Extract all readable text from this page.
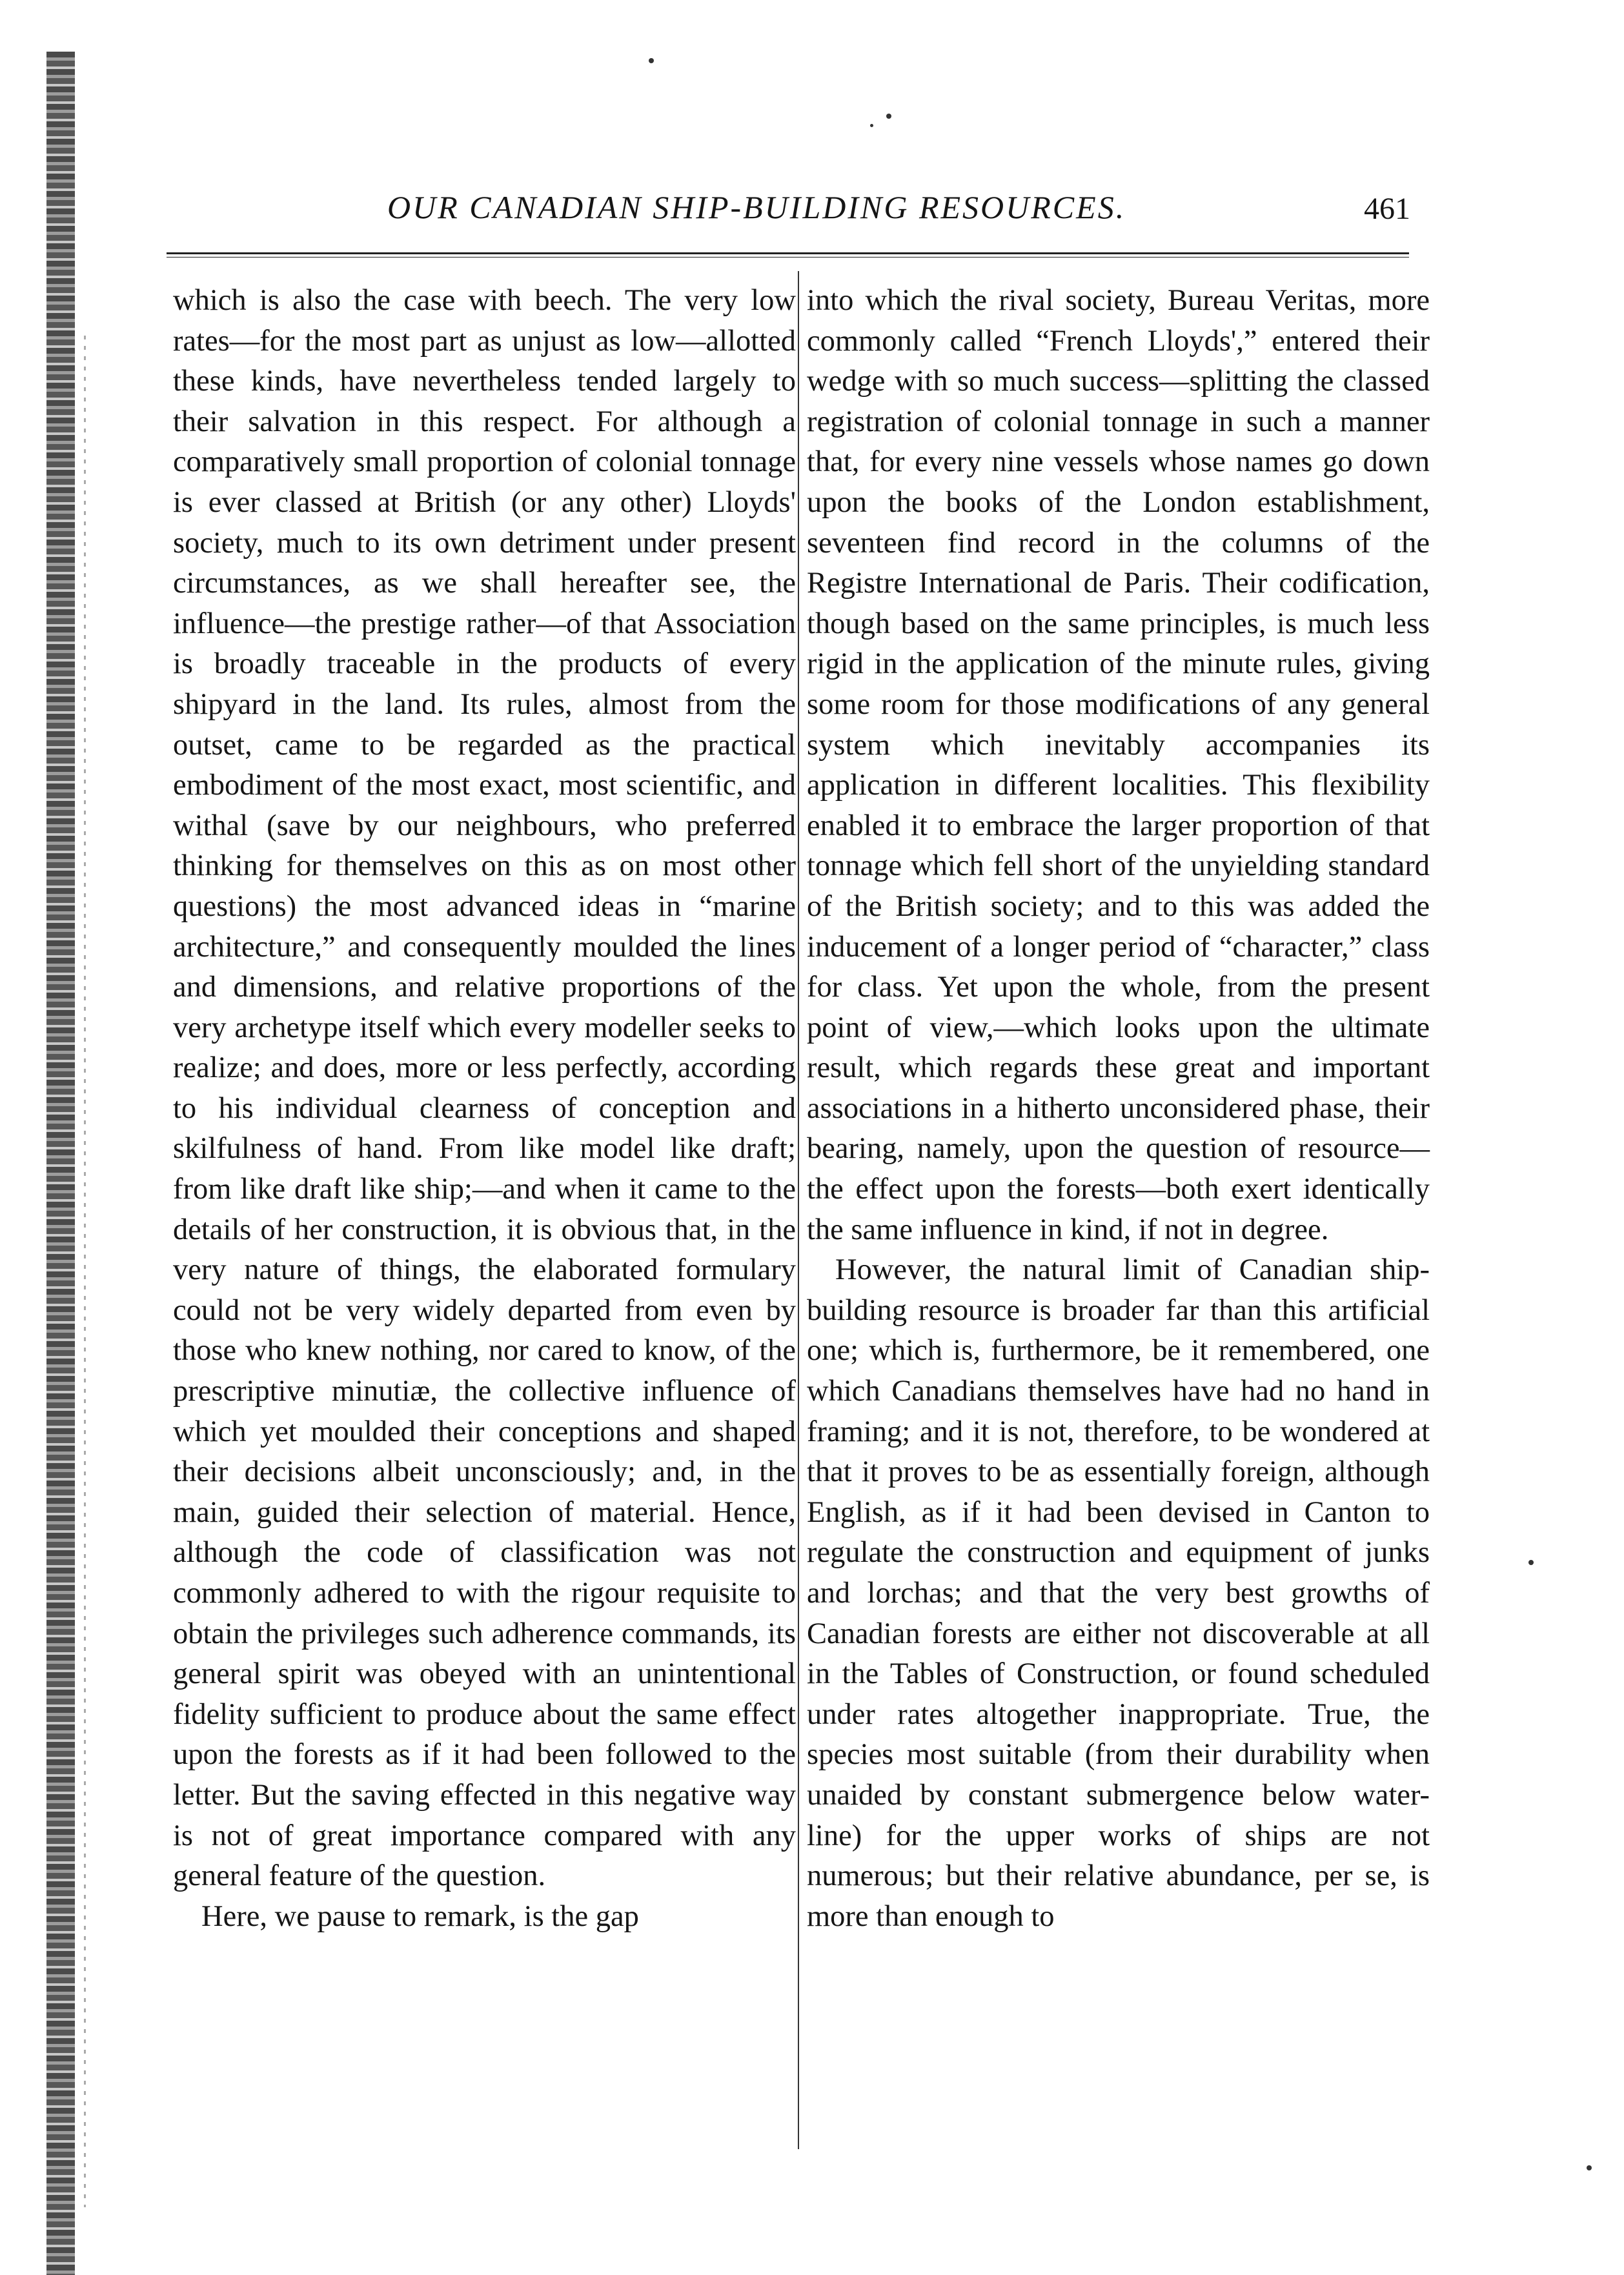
OUR CANADIAN SHIP-BUILDING RESOURCES.	461

which is also the case with beech. The very low rates—for the most part as unjust as low—allotted these kinds, have nevertheless tended largely to their salvation in this respect. For although a comparatively small proportion of colonial tonnage is ever classed at British (or any other) Lloyds' society, much to its own detriment under present circumstances, as we shall hereafter see, the influence—the prestige rather—of that Association is broadly traceable in the products of every shipyard in the land. Its rules, almost from the outset, came to be regarded as the practical embodiment of the most exact, most scientific, and withal (save by our neighbours, who preferred thinking for themselves on this as on most other questions) the most advanced ideas in “marine architecture,” and consequently moulded the lines and dimensions, and relative proportions of the very archetype itself which every modeller seeks to realize; and does, more or less perfectly, according to his individual clearness of conception and skilfulness of hand. From like model like draft; from like draft like ship;—and when it came to the details of her construction, it is obvious that, in the very nature of things, the elaborated formulary could not be very widely departed from even by those who knew nothing, nor cared to know, of the prescriptive minutiæ, the collective influence of which yet moulded their conceptions and shaped their decisions albeit unconsciously; and, in the main, guided their selection of material. Hence, although the code of classification was not commonly adhered to with the rigour requisite to obtain the privileges such adherence commands, its general spirit was obeyed with an unintentional fidelity sufficient to produce about the same effect upon the forests as if it had been followed to the letter. But the saving effected in this negative way is not of great importance compared with any general feature of the question.

Here, we pause to remark, is the gap

into which the rival society, Bureau Veritas, more commonly called “French Lloyds',” entered their wedge with so much success—splitting the classed registration of colonial tonnage in such a manner that, for every nine vessels whose names go down upon the books of the London establishment, seventeen find record in the columns of the Registre International de Paris. Their codification, though based on the same principles, is much less rigid in the application of the minute rules, giving some room for those modifications of any general system which inevitably accompanies its application in different localities. This flexibility enabled it to embrace the larger proportion of that tonnage which fell short of the unyielding standard of the British society; and to this was added the inducement of a longer period of “character,” class for class. Yet upon the whole, from the present point of view,—which looks upon the ultimate result, which regards these great and important associations in a hitherto unconsidered phase, their bearing, namely, upon the question of resource—the effect upon the forests—both exert identically the same influence in kind, if not in degree.

However, the natural limit of Canadian ship-building resource is broader far than this artificial one; which is, furthermore, be it remembered, one which Canadians themselves have had no hand in framing; and it is not, therefore, to be wondered at that it proves to be as essentially foreign, although English, as if it had been devised in Canton to regulate the construction and equipment of junks and lorchas; and that the very best growths of Canadian forests are either not discoverable at all in the Tables of Construction, or found scheduled under rates altogether inappropriate. True, the species most suitable (from their durability when unaided by constant submergence below water-line) for the upper works of ships are not numerous; but their relative abundance, per se, is more than enough to
